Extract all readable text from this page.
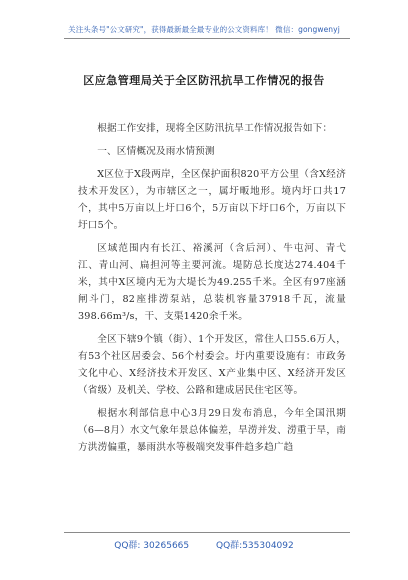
关注头条号"公文研究"，获得最新最全最专业的公文资料库！ 微信：gongwenyj
区应急管理局关于全区防汛抗旱工作情况的报告

根据工作安排，现将全区防汛抗旱工作情况报告如下：

一、区情概况及雨水情预测

X区位于X段两岸，全区保护面积820平方公里（含X经济技术开发区），为市辖区之一，属圩畈地形。境内圩口共17个，其中5万亩以上圩口6个，5万亩以下圩口6个，万亩以下圩口5个。

区域范围内有长江、裕溪河（含后河）、牛屯河、青弋江、青山河、扁担河等主要河流。堤防总长度达274.404千米，其中X区境内无为大堤长为49.255千米。全区有97座涵闸斗门，82座排涝泵站，总装机容量37918千瓦，流量398.66m³/s，干、支渠1420余千米。

全区下辖9个镇（街）、1个开发区，常住人口55.6万人，有53个社区居委会、56个村委会。圩内重要设施有：市政务文化中心、X经济技术开发区、X产业集中区、X经济开发区（省级）及机关、学校、公路和建成居民住宅区等。

根据水利部信息中心3月29日发布消息，今年全国汛期（6—8月）水文气象年景总体偏差，旱涝并发、涝重于旱，南方洪涝偏重，暴雨洪水等极端突发事件趋多趋广趋

QQ群: 30265665	QQ群:535304092
